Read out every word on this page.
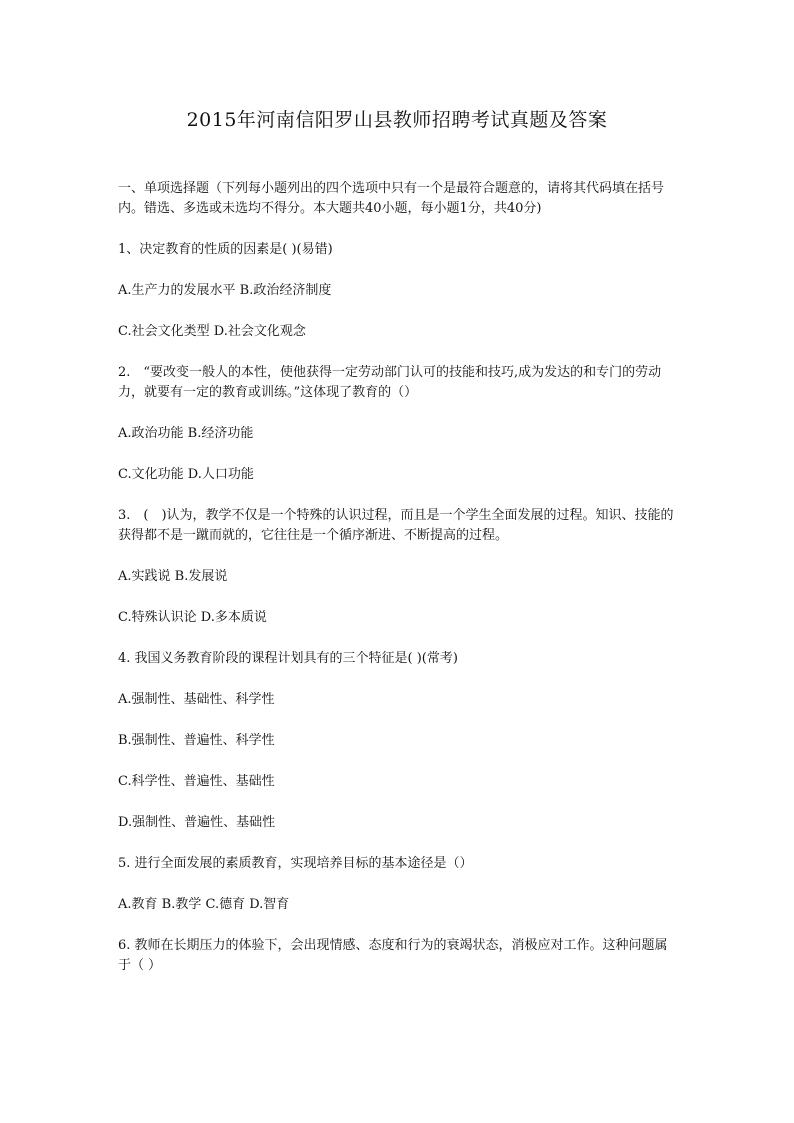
2015年河南信阳罗山县教师招聘考试真题及答案

一、单项选择题（下列每小题列出的四个选项中只有一个是最符合题意的，请将其代码填在括号内。错选、多选或未选均不得分。本大题共40小题，每小题1分，共40分)

1、决定教育的性质的因素是( )(易错)

A.生产力的发展水平 B.政治经济制度

C.社会文化类型 D.社会文化观念

2.　“要改变一般人的本性，使他获得一定劳动部门认可的技能和技巧,成为发达的和专门的劳动力，就要有一定的教育或训练。”这体现了教育的（）

A.政治功能 B.经济功能

C.文化功能 D.人口功能

3.　(　)认为，教学不仅是一个特殊的认识过程，而且是一个学生全面发展的过程。知识、技能的获得都不是一蹴而就的，它往往是一个循序渐进、不断提高的过程。

A.实践说 B.发展说

C.特殊认识论 D.多本质说

4. 我国义务教育阶段的课程计划具有的三个特征是( )(常考)

A.强制性、基础性、科学性

B.强制性、普遍性、科学性

C.科学性、普遍性、基础性

D.强制性、普遍性、基础性

5. 进行全面发展的素质教育，实现培养目标的基本途径是（）

A.教育 B.教学 C.德育 D.智育

6. 教师在长期压力的体验下，会出现情感、态度和行为的衰竭状态，消极应对工作。这种问题属于（ ）
